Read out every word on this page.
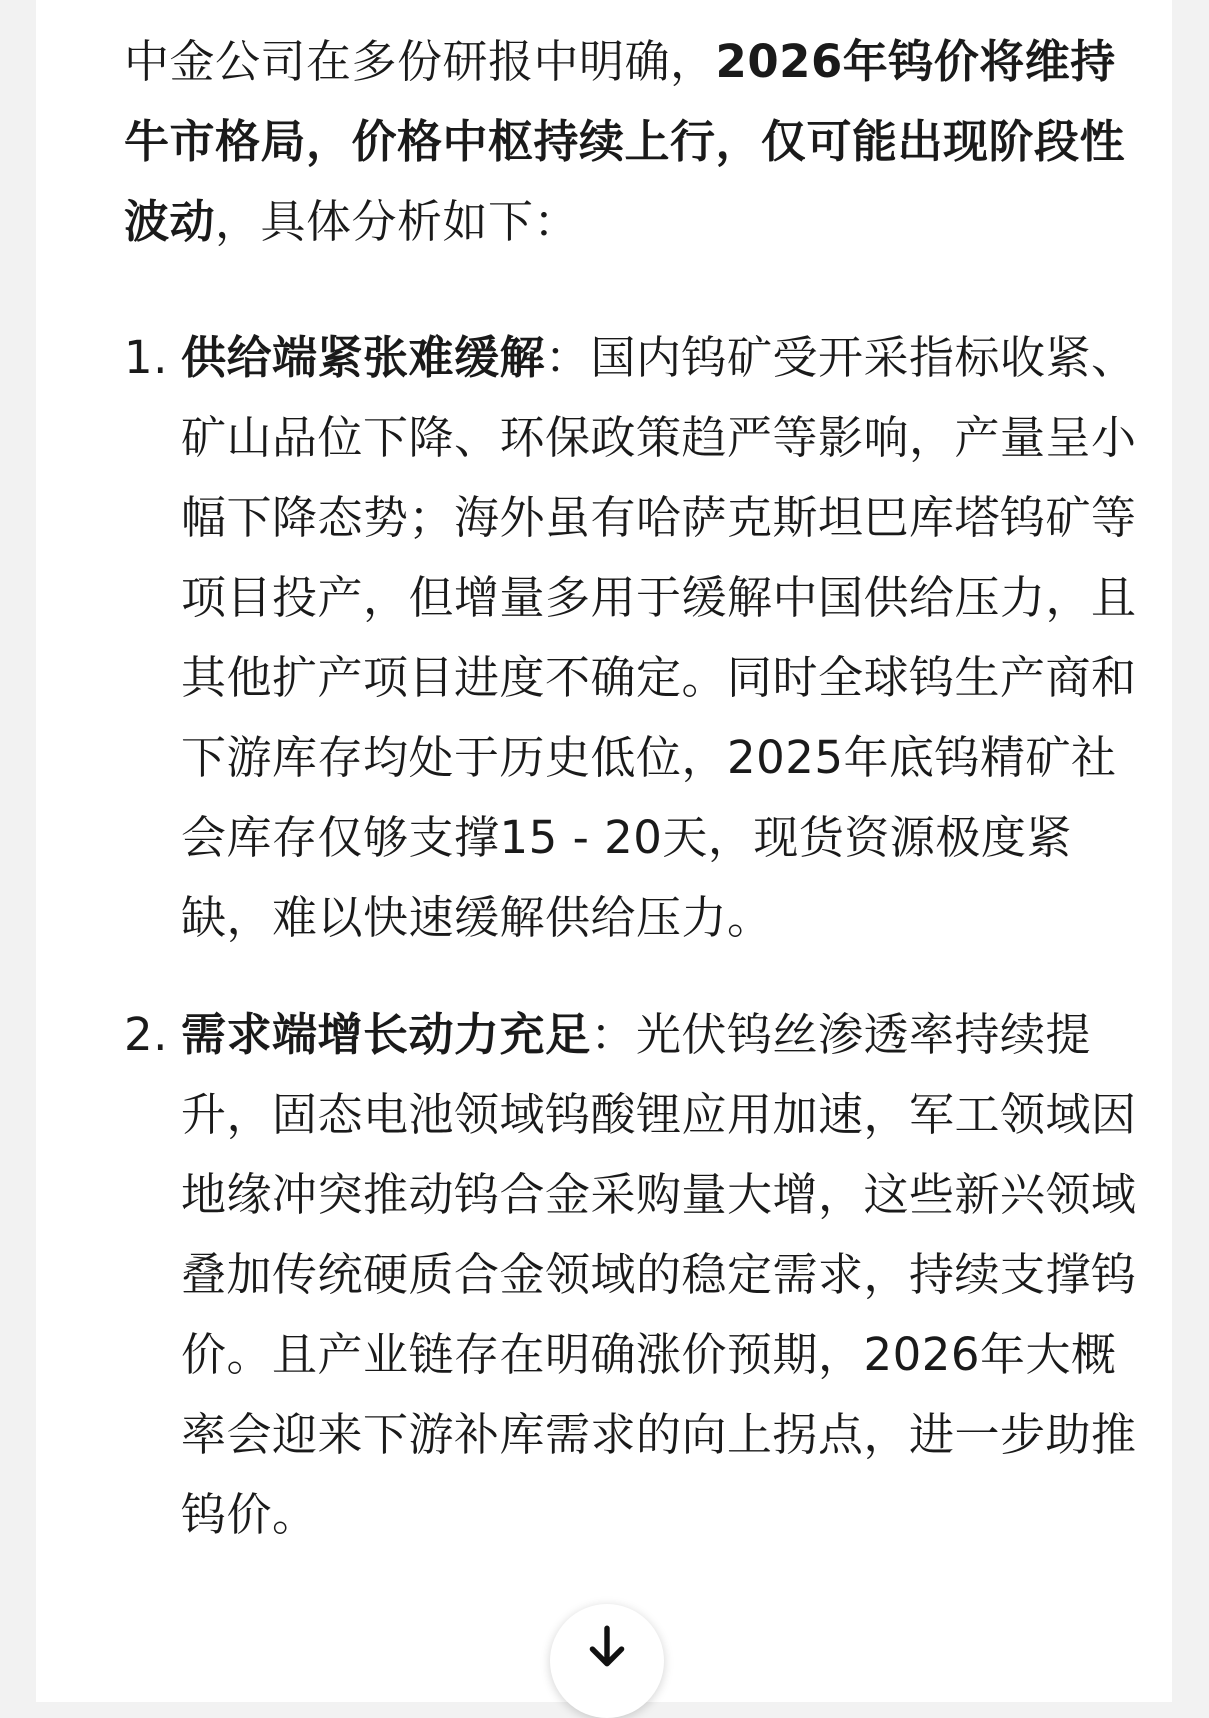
中金公司在多份研报中明确，2026年钨价将维持牛市格局，价格中枢持续上行，仅可能出现阶段性波动，具体分析如下：

1. 供给端紧张难缓解：国内钨矿受开采指标收紧、矿山品位下降、环保政策趋严等影响，产量呈小幅下降态势；海外虽有哈萨克斯坦巴库塔钨矿等项目投产，但增量多用于缓解中国供给压力，且其他扩产项目进度不确定。同时全球钨生产商和下游库存均处于历史低位，2025年底钨精矿社会库存仅够支撑15 - 20天，现货资源极度紧缺，难以快速缓解供给压力。
2. 需求端增长动力充足：光伏钨丝渗透率持续提升，固态电池领域钨酸锂应用加速，军工领域因地缘冲突推动钨合金采购量大增，这些新兴领域叠加传统硬质合金领域的稳定需求，持续支撑钨价。且产业链存在明确涨价预期，2026年大概率会迎来下游补库需求的向上拐点，进一步助推钨价。
